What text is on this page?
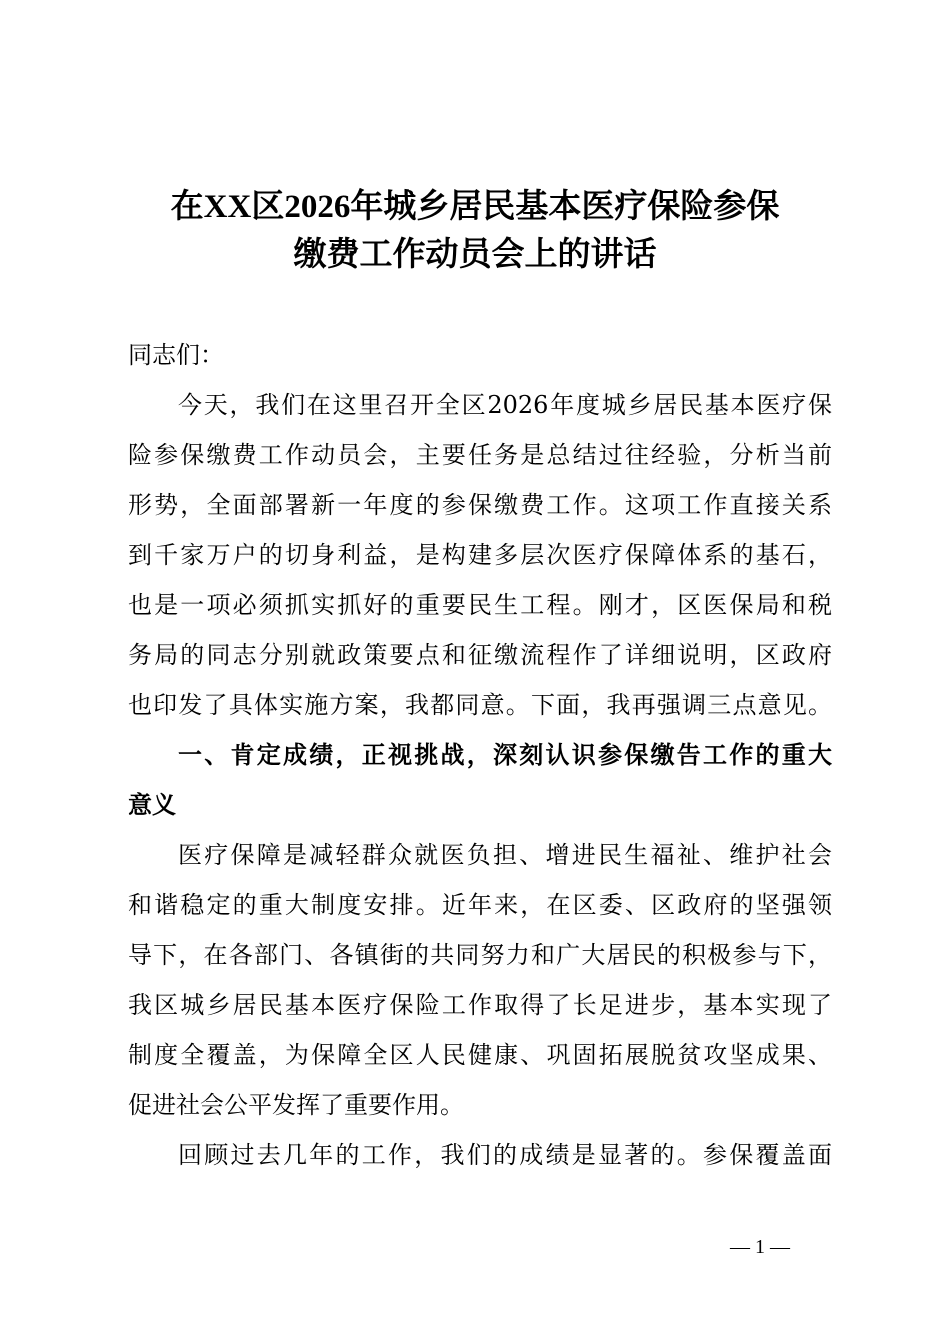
在XX区2026年城乡居民基本医疗保险参保
缴费工作动员会上的讲话
同志们：
今天，我们在这里召开全区2026年度城乡居民基本医疗保
险参保缴费工作动员会，主要任务是总结过往经验，分析当前
形势，全面部署新一年度的参保缴费工作。这项工作直接关系
到千家万户的切身利益，是构建多层次医疗保障体系的基石，
也是一项必须抓实抓好的重要民生工程。刚才，区医保局和税
务局的同志分别就政策要点和征缴流程作了详细说明，区政府
也印发了具体实施方案，我都同意。下面，我再强调三点意见。
一、肯定成绩，正视挑战，深刻认识参保缴告工作的重大
意义
医疗保障是减轻群众就医负担、增进民生福祉、维护社会
和谐稳定的重大制度安排。近年来，在区委、区政府的坚强领
导下，在各部门、各镇街的共同努力和广大居民的积极参与下，
我区城乡居民基本医疗保险工作取得了长足进步，基本实现了
制度全覆盖，为保障全区人民健康、巩固拓展脱贫攻坚成果、
促进社会公平发挥了重要作用。
回顾过去几年的工作，我们的成绩是显著的。参保覆盖面
— 1 —
